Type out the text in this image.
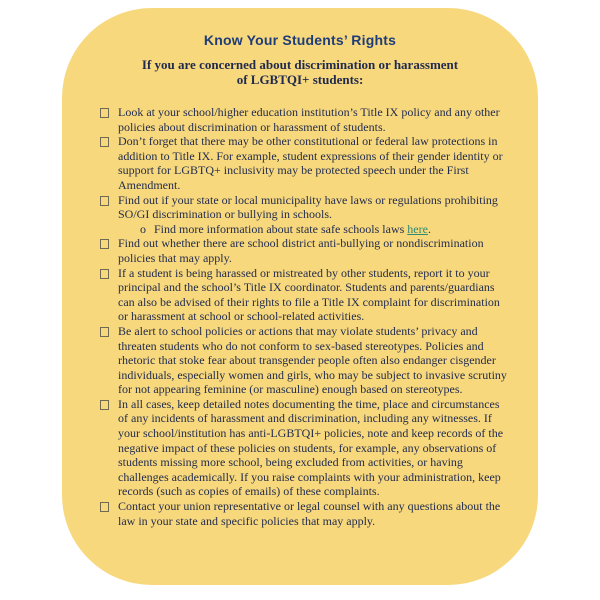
Know Your Students’ Rights
If you are concerned about discrimination or harassment
of LGBTQI+ students:
Look at your school/higher education institution’s Title IX policy and any other policies about discrimination or harassment of students.
Don’t forget that there may be other constitutional or federal law protections in addition to Title IX. For example, student expressions of their gender identity or support for LGBTQ+ inclusivity may be protected speech under the First Amendment.
Find out if your state or local municipality have laws or regulations prohibiting SO/GI discrimination or bullying in schools.
o Find more information about state safe schools laws here.
Find out whether there are school district anti-bullying or nondiscrimination policies that may apply.
If a student is being harassed or mistreated by other students, report it to your principal and the school’s Title IX coordinator. Students and parents/guardians can also be advised of their rights to file a Title IX complaint for discrimination or harassment at school or school-related activities.
Be alert to school policies or actions that may violate students’ privacy and threaten students who do not conform to sex-based stereotypes. Policies and rhetoric that stoke fear about transgender people often also endanger cisgender individuals, especially women and girls, who may be subject to invasive scrutiny for not appearing feminine (or masculine) enough based on stereotypes.
In all cases, keep detailed notes documenting the time, place and circumstances of any incidents of harassment and discrimination, including any witnesses. If your school/institution has anti-LGBTQI+ policies, note and keep records of the negative impact of these policies on students, for example, any observations of students missing more school, being excluded from activities, or having challenges academically. If you raise complaints with your administration, keep records (such as copies of emails) of these complaints.
Contact your union representative or legal counsel with any questions about the law in your state and specific policies that may apply.
